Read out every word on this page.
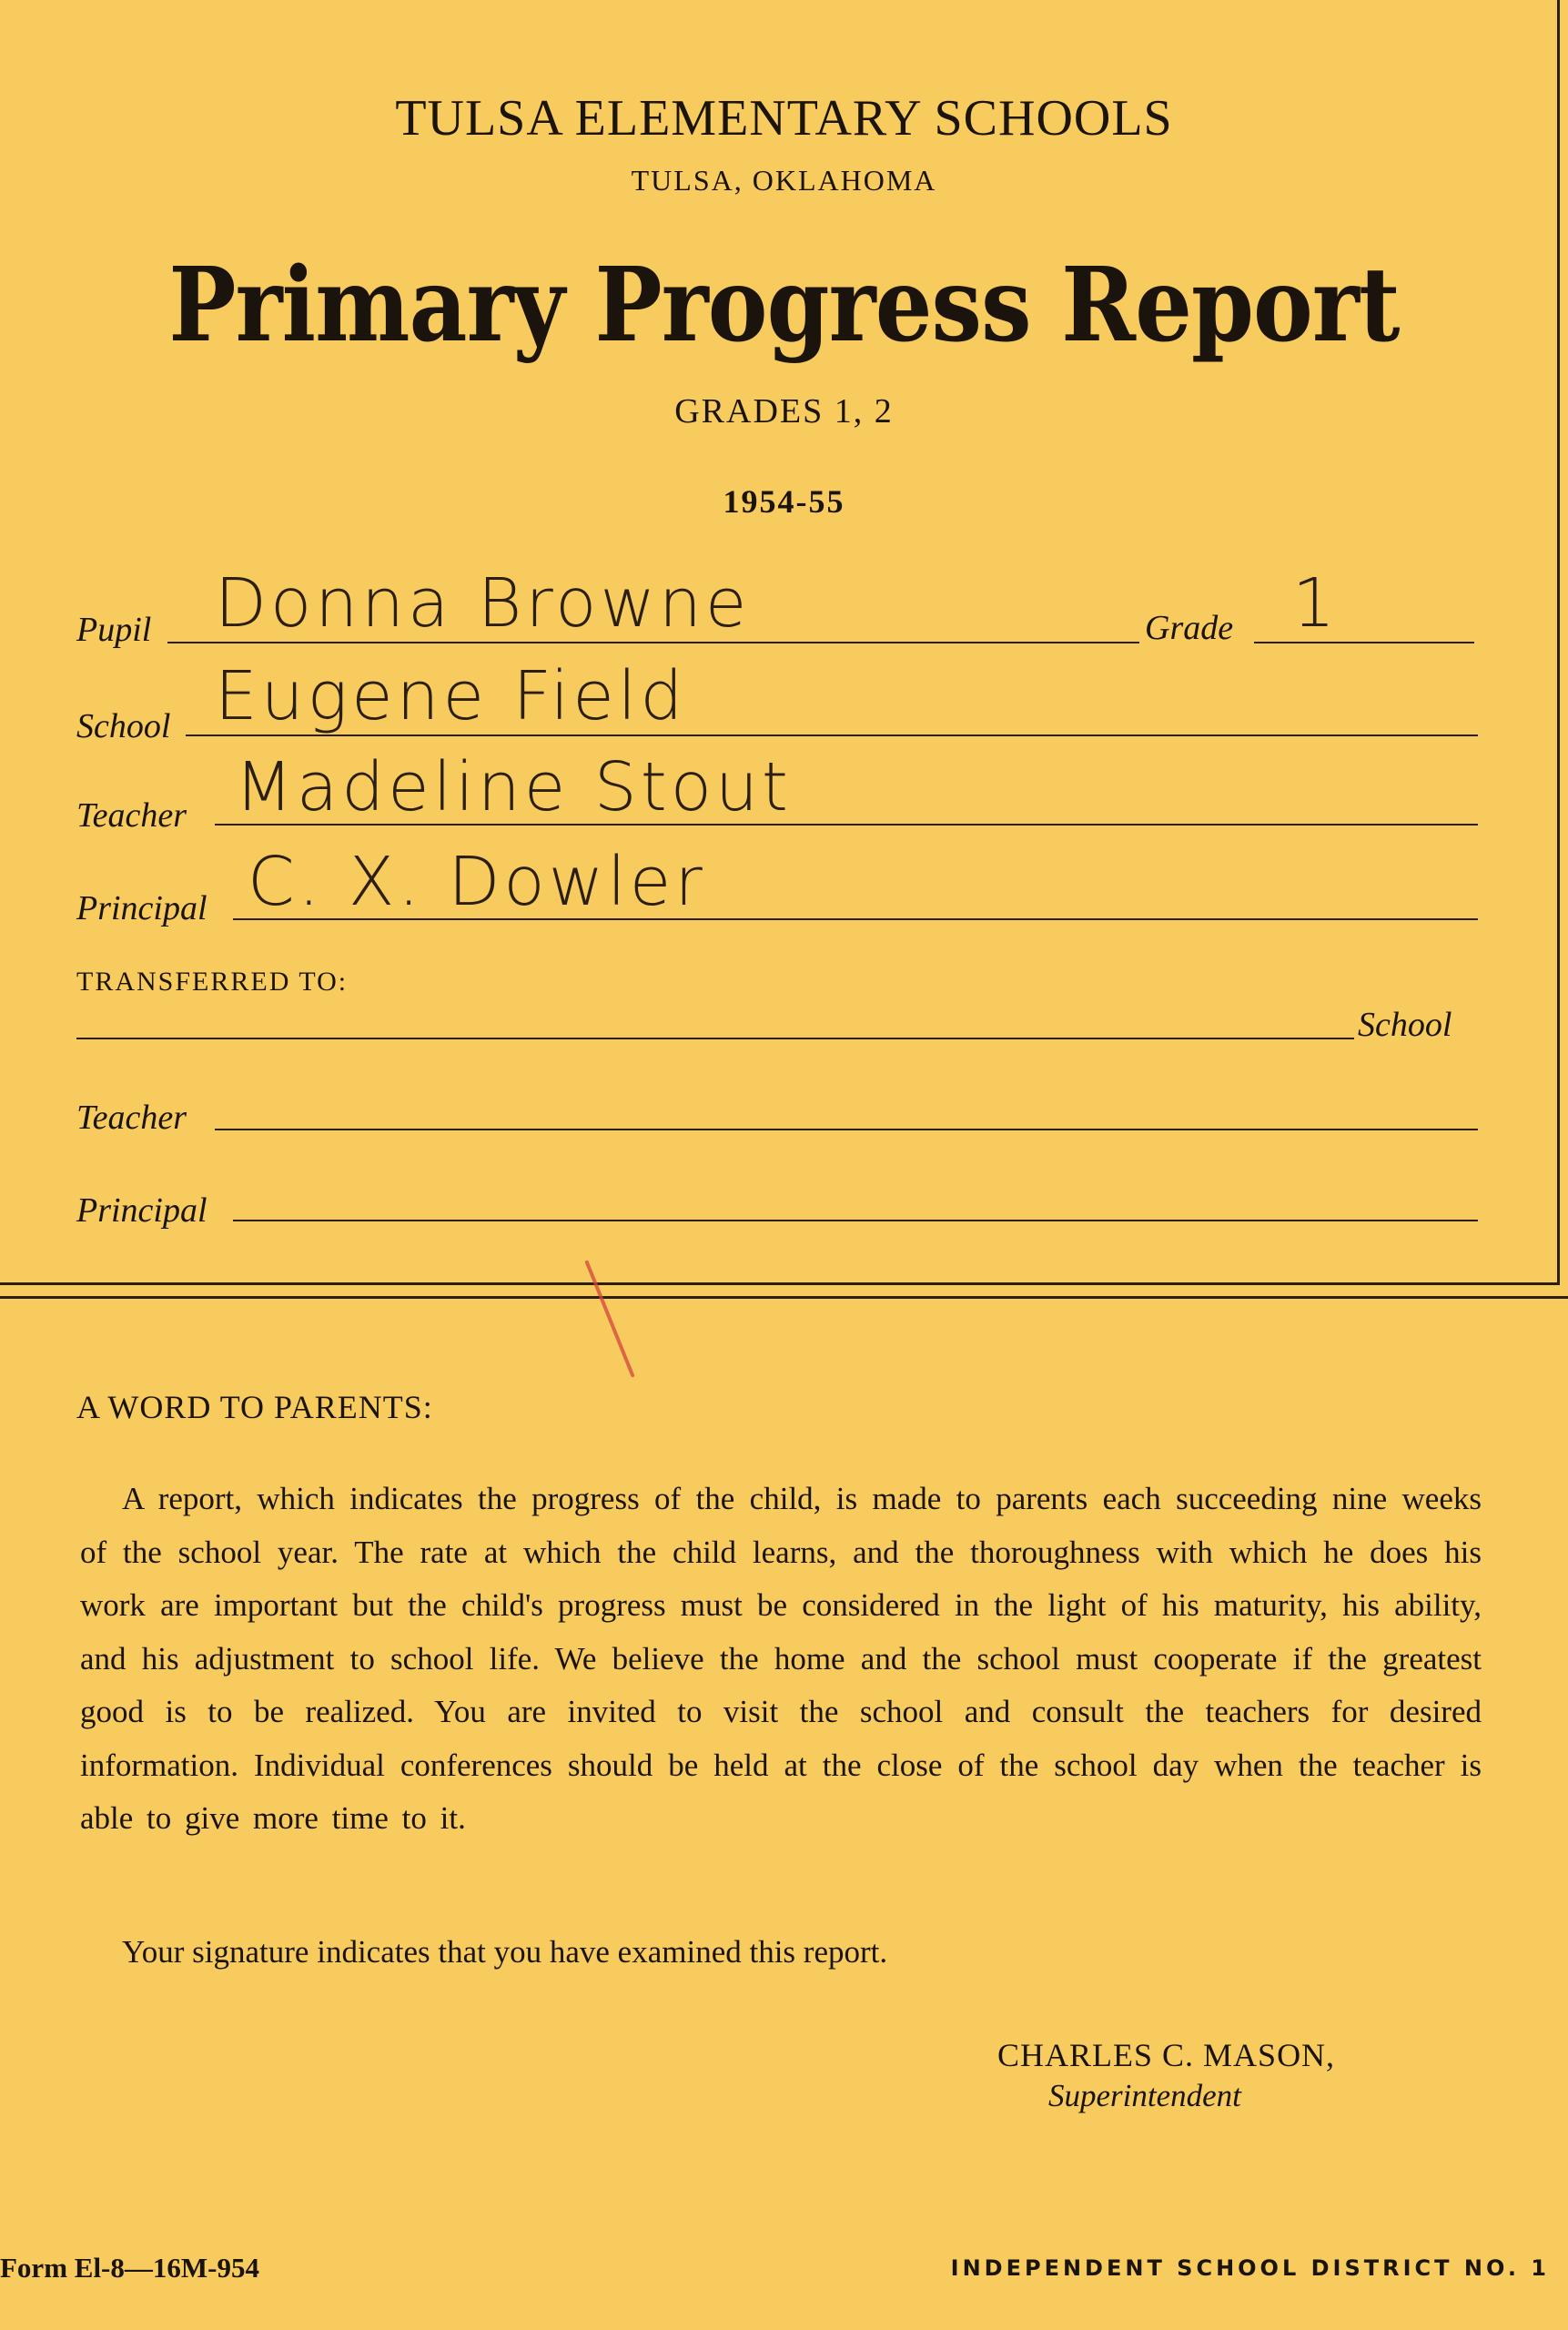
TULSA ELEMENTARY SCHOOLS
TULSA, OKLAHOMA
Primary Progress Report
GRADES 1, 2
1954-55
Pupil Donna Browne	Grade 1
School Eugene Field
Teacher Madeline Stout
Principal C. X. Dowler
TRANSFERRED TO:
School
Teacher
Principal
A WORD TO PARENTS:
A report, which indicates the progress of the child, is made to parents each succeeding nine weeks of the school year. The rate at which the child learns, and the thoroughness with which he does his work are important but the child's progress must be considered in the light of his maturity, his ability, and his adjustment to school life. We believe the home and the school must cooperate if the greatest good is to be realized. You are invited to visit the school and consult the teachers for desired information. Individual conferences should be held at the close of the school day when the teacher is able to give more time to it.
Your signature indicates that you have examined this report.
CHARLES C. MASON,
Superintendent
Form El-8—16M-954	INDEPENDENT SCHOOL DISTRICT NO. 1
